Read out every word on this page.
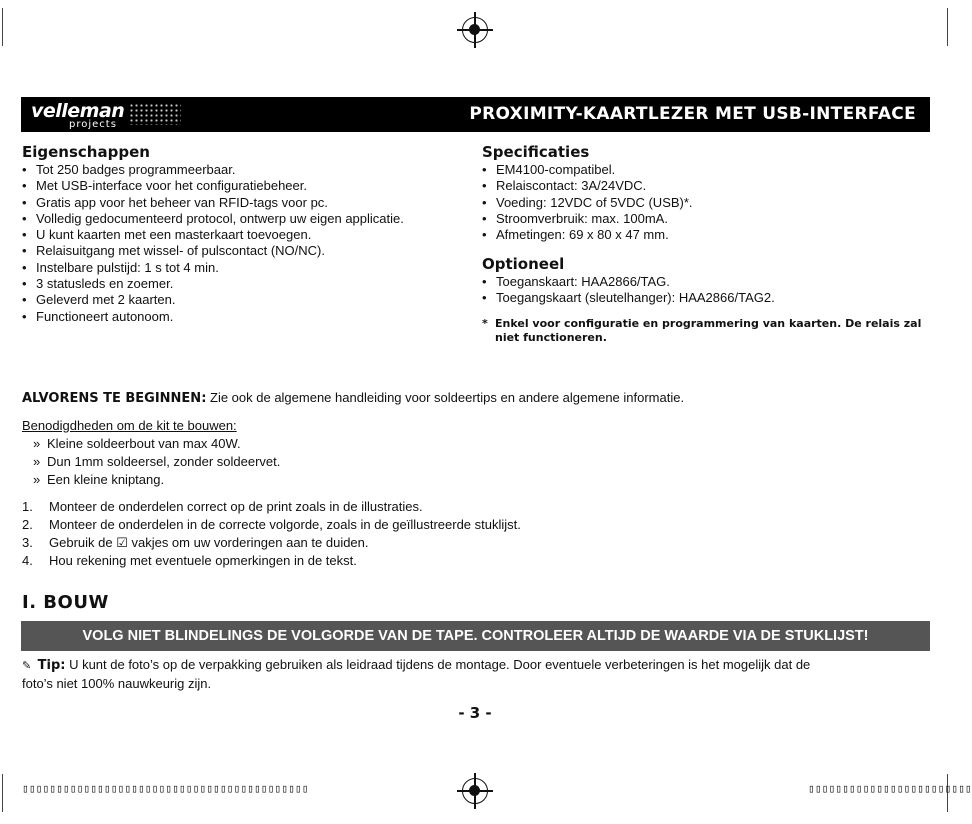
velleman
projects
PROXIMITY-KAARTLEZER MET USB-INTERFACE
Eigenschappen
• Tot 250 badges programmeerbaar.
• Met USB-interface voor het configuratiebeheer.
• Gratis app voor het beheer van RFID-tags voor pc.
• Volledig gedocumenteerd protocol, ontwerp uw eigen applicatie.
• U kunt kaarten met een masterkaart toevoegen.
• Relaisuitgang met wissel- of pulscontact (NO/NC).
• Instelbare pulstijd: 1 s tot 4 min.
• 3 statusleds en zoemer.
• Geleverd met 2 kaarten.
• Functioneert autonoom.
Specificaties
• EM4100-compatibel.
• Relaiscontact: 3A/24VDC.
• Voeding: 12VDC of 5VDC (USB)*.
• Stroomverbruik: max. 100mA.
• Afmetingen: 69 x 80 x 47 mm.
Optioneel
• Toeganskaart: HAA2866/TAG.
• Toegangskaart (sleutelhanger): HAA2866/TAG2.
* Enkel voor configuratie en programmering van kaarten. De relais zal niet functioneren.
ALVORENS TE BEGINNEN: Zie ook de algemene handleiding voor soldeertips en andere algemene informatie.
Benodigdheden om de kit te bouwen:
» Kleine soldeerbout van max 40W.
» Dun 1mm soldeersel, zonder soldeervet.
» Een kleine kniptang.
1.	Monteer de onderdelen correct op de print zoals in de illustraties.
2.	Monteer de onderdelen in de correcte volgorde, zoals in de geïllustreerde stuklijst.
3.	Gebruik de ☑ vakjes om uw vorderingen aan te duiden.
4.	Hou rekening met eventuele opmerkingen in de tekst.
I. BOUW
VOLG NIET BLINDELINGS DE VOLGORDE VAN DE TAPE. CONTROLEER ALTIJD DE WAARDE VIA DE STUKLIJST!
✎ Tip: U kunt de foto’s op de verpakking gebruiken als leidraad tijdens de montage. Door eventuele verbeteringen is het mogelijk dat de foto’s niet 100% nauwkeurig zijn.
- 3 -
▯▯▯▯▯▯▯▯▯▯▯▯▯▯▯▯▯▯▯▯▯▯▯▯▯▯▯▯▯▯▯▯▯▯▯▯▯▯▯▯▯▯	▯▯▯▯▯▯▯▯▯▯▯▯▯▯▯▯▯▯▯▯▯▯▯▯
